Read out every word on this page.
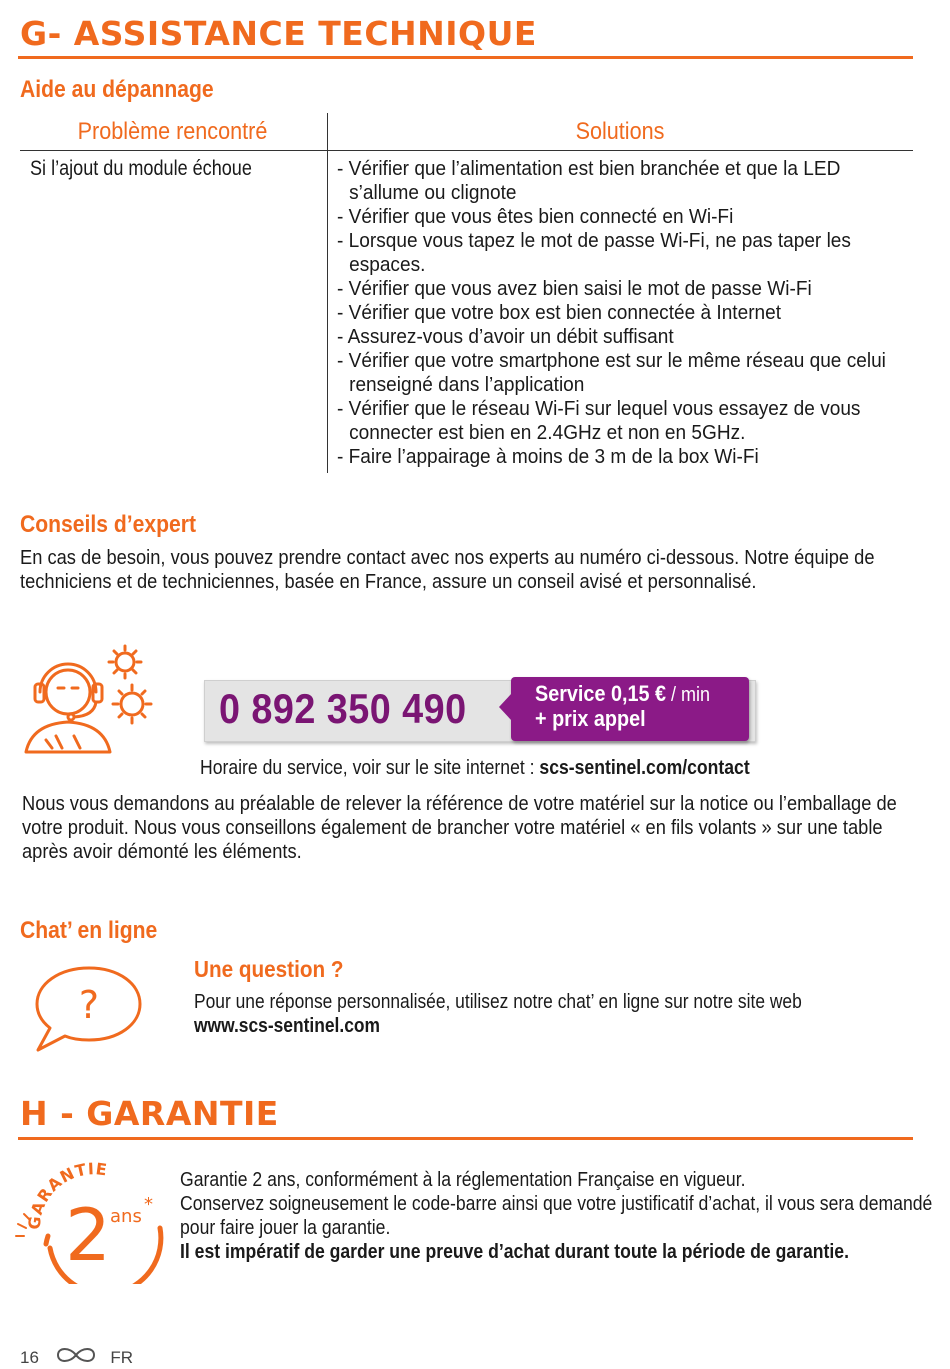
G- ASSISTANCE TECHNIQUE
Aide au dépannage
Problème rencontré	Solutions
Si l’ajout du module échoue	- Vérifier que l’alimentation est bien branchée et que la LED s’allume ou clignote
- Vérifier que vous êtes bien connecté en Wi-Fi
- Lorsque vous tapez le mot de passe Wi-Fi, ne pas taper les espaces.
- Vérifier que vous avez bien saisi le mot de passe Wi-Fi
- Vérifier que votre box est bien connectée à Internet
- Assurez-vous d’avoir un débit suffisant
- Vérifier que votre smartphone est sur le même réseau que celui renseigné dans l’application
- Vérifier que le réseau Wi-Fi sur lequel vous essayez de vous connecter est bien en 2.4GHz et non en 5GHz.
- Faire l’appairage à moins de 3 m de la box Wi-Fi
Conseils d’expert
En cas de besoin, vous pouvez prendre contact avec nos experts au numéro ci-dessous. Notre équipe de techniciens et de techniciennes, basée en France, assure un conseil avisé et personnalisé.
0 892 350 490	Service 0,15 € / min
+ prix appel
Horaire du service, voir sur le site internet : scs-sentinel.com/contact
Nous vous demandons au préalable de relever la référence de votre matériel sur la notice ou l’emballage de votre produit. Nous vous conseillons également de brancher votre matériel « en fils volants » sur une table après avoir démonté les éléments.
Chat’ en ligne
?
Une question ?
Pour une réponse personnalisée, utilisez notre chat’ en ligne sur notre site web
www.scs-sentinel.com
H - GARANTIE
GARANTIE
2 ans
*
Garantie 2 ans, conformément à la réglementation Française en vigueur.
Conservez soigneusement le code-barre ainsi que votre justificatif d’achat, il vous sera demandé pour faire jouer la garantie.
Il est impératif de garder une preuve d’achat durant toute la période de garantie.
16	FR
